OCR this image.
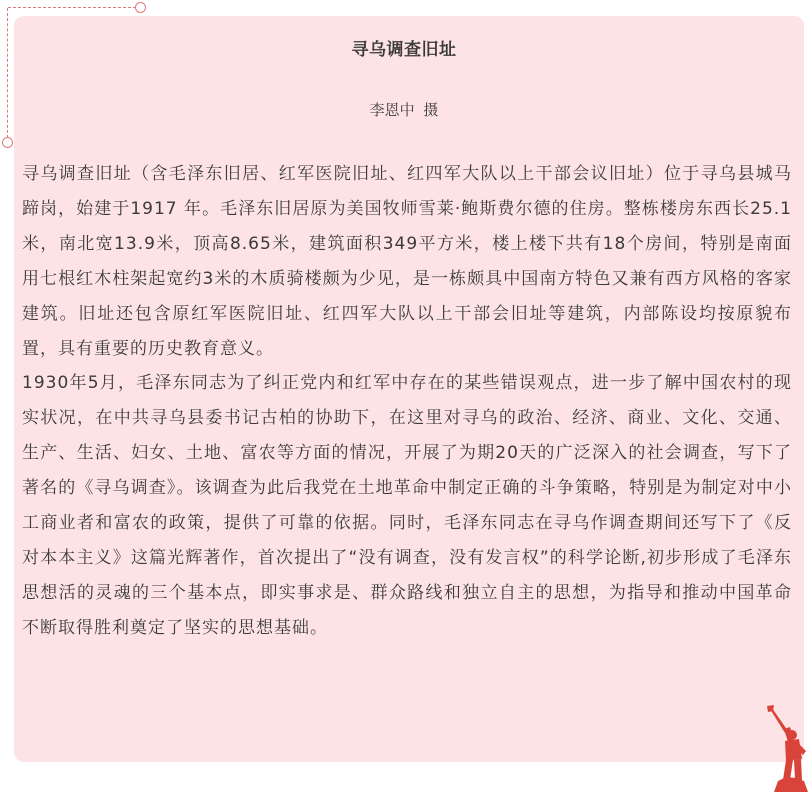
寻乌调查旧址
李恩中 摄

寻乌调查旧址（含毛泽东旧居、红军医院旧址、红四军大队以上干部会议旧址）位于寻乌县城马蹄岗，始建于1917 年。毛泽东旧居原为美国牧师雪莱·鲍斯费尔德的住房。整栋楼房东西长25.1米，南北宽13.9米，顶高8.65米，建筑面积349平方米，楼上楼下共有18个房间，特别是南面用七根红木柱架起宽约3米的木质骑楼颇为少见，是一栋颇具中国南方特色又兼有西方风格的客家建筑。旧址还包含原红军医院旧址、红四军大队以上干部会旧址等建筑，内部陈设均按原貌布置，具有重要的历史教育意义。

1930年5月，毛泽东同志为了纠正党内和红军中存在的某些错误观点，进一步了解中国农村的现实状况，在中共寻乌县委书记古柏的协助下，在这里对寻乌的政治、经济、商业、文化、交通、生产、生活、妇女、土地、富农等方面的情况，开展了为期20天的广泛深入的社会调查，写下了著名的《寻乌调查》。该调查为此后我党在土地革命中制定正确的斗争策略，特别是为制定对中小工商业者和富农的政策，提供了可靠的依据。同时，毛泽东同志在寻乌作调查期间还写下了《反对本本主义》这篇光辉著作，首次提出了“没有调查，没有发言权”的科学论断,初步形成了毛泽东思想活的灵魂的三个基本点，即实事求是、群众路线和独立自主的思想，为指导和推动中国革命不断取得胜利奠定了坚实的思想基础。
